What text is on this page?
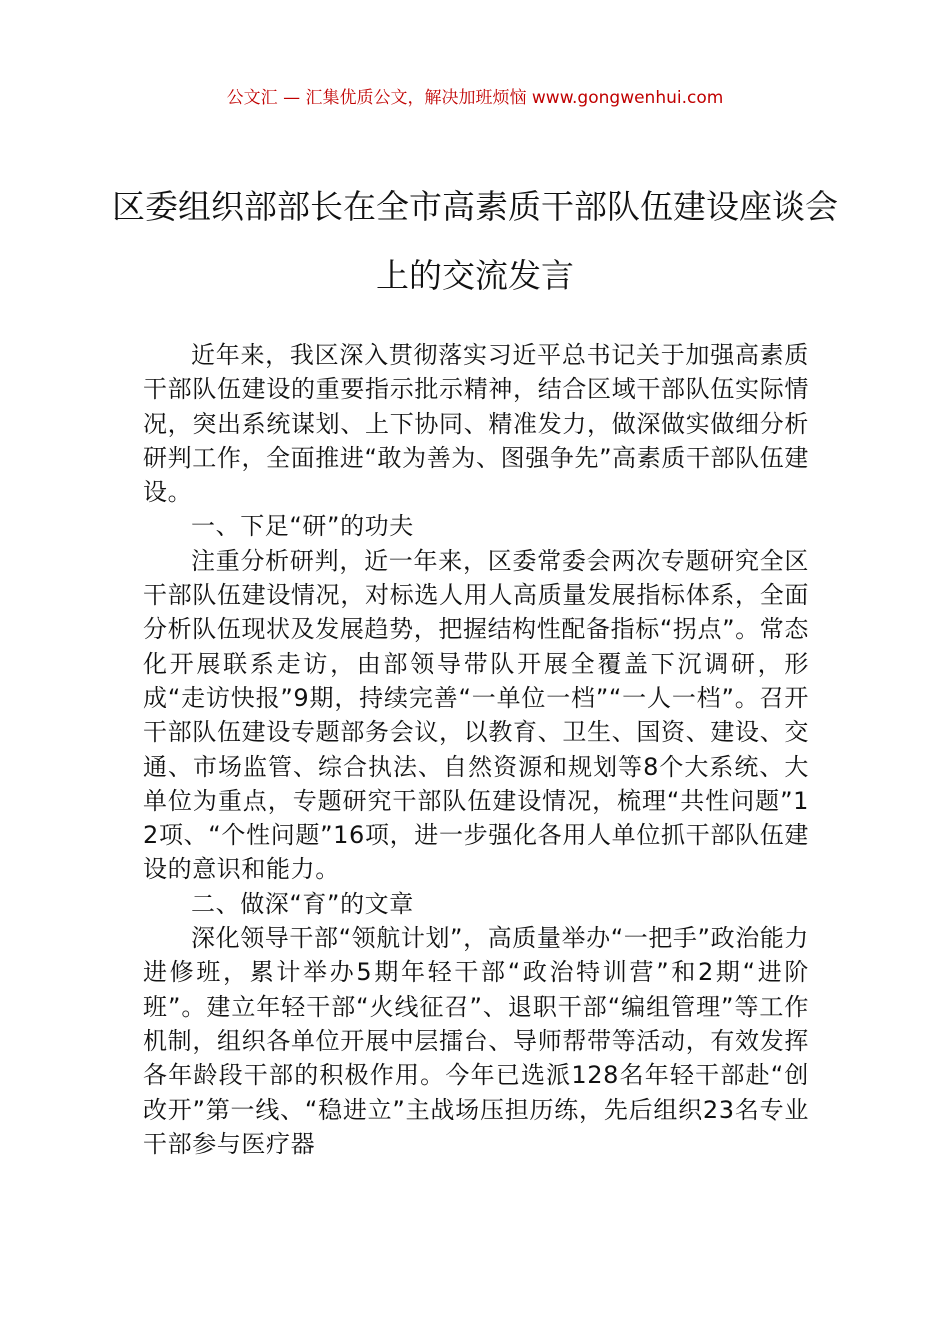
公文汇 — 汇集优质公文，解决加班烦恼 www.gongwenhui.com
区委组织部部长在全市高素质干部队伍建设座谈会上的交流发言

近年来，我区深入贯彻落实习近平总书记关于加强高素质干部队伍建设的重要指示批示精神，结合区域干部队伍实际情况，突出系统谋划、上下协同、精准发力，做深做实做细分析研判工作，全面推进“敢为善为、图强争先”高素质干部队伍建设。

一、下足“研”的功夫

注重分析研判，近一年来，区委常委会两次专题研究全区干部队伍建设情况，对标选人用人高质量发展指标体系，全面分析队伍现状及发展趋势，把握结构性配备指标“拐点”。常态化开展联系走访，由部领导带队开展全覆盖下沉调研，形成“走访快报”9期，持续完善“一单位一档”“一人一档”。召开干部队伍建设专题部务会议，以教育、卫生、国资、建设、交通、市场监管、综合执法、自然资源和规划等8个大系统、大单位为重点，专题研究干部队伍建设情况，梳理“共性问题”12项、“个性问题”16项，进一步强化各用人单位抓干部队伍建设的意识和能力。

二、做深“育”的文章

深化领导干部“领航计划”，高质量举办“一把手”政治能力进修班，累计举办5期年轻干部“政治特训营”和2期“进阶班”。建立年轻干部“火线征召”、退职干部“编组管理”等工作机制，组织各单位开展中层擂台、导师帮带等活动，有效发挥各年龄段干部的积极作用。今年已选派128名年轻干部赴“创改开”第一线、“稳进立”主战场压担历练，先后组织23名专业干部参与医疗器
